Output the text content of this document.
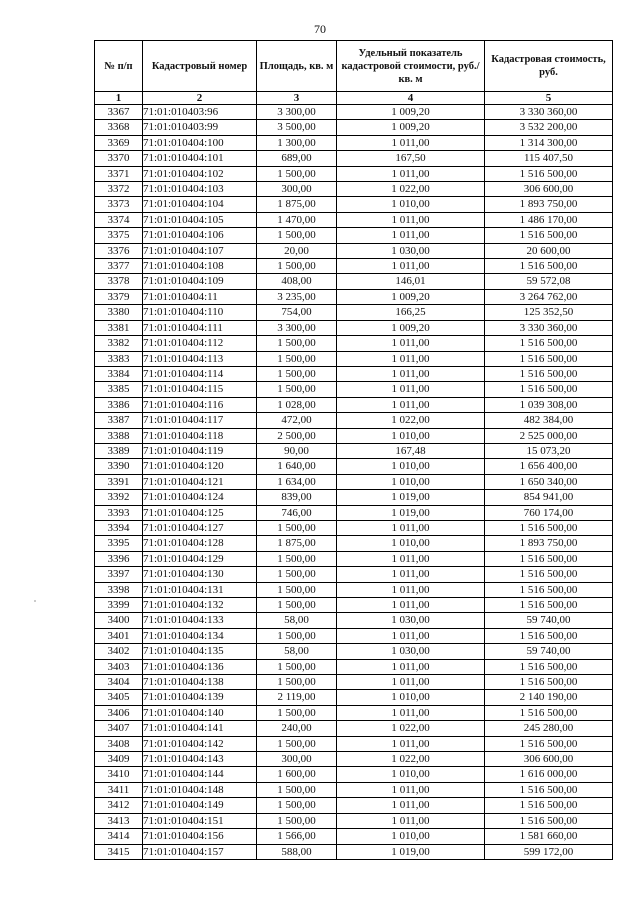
70
№ п/п	Кадастровый номер	Площадь, кв. м	Удельный показатель кадастровой стоимости, руб./кв. м	Кадастровая стоимость, руб.
1	2	3	4	5
3367	71:01:010403:96	3 300,00	1 009,20	3 330 360,00
3368	71:01:010403:99	3 500,00	1 009,20	3 532 200,00
3369	71:01:010404:100	1 300,00	1 011,00	1 314 300,00
3370	71:01:010404:101	689,00	167,50	115 407,50
3371	71:01:010404:102	1 500,00	1 011,00	1 516 500,00
3372	71:01:010404:103	300,00	1 022,00	306 600,00
3373	71:01:010404:104	1 875,00	1 010,00	1 893 750,00
3374	71:01:010404:105	1 470,00	1 011,00	1 486 170,00
3375	71:01:010404:106	1 500,00	1 011,00	1 516 500,00
3376	71:01:010404:107	20,00	1 030,00	20 600,00
3377	71:01:010404:108	1 500,00	1 011,00	1 516 500,00
3378	71:01:010404:109	408,00	146,01	59 572,08
3379	71:01:010404:11	3 235,00	1 009,20	3 264 762,00
3380	71:01:010404:110	754,00	166,25	125 352,50
3381	71:01:010404:111	3 300,00	1 009,20	3 330 360,00
3382	71:01:010404:112	1 500,00	1 011,00	1 516 500,00
3383	71:01:010404:113	1 500,00	1 011,00	1 516 500,00
3384	71:01:010404:114	1 500,00	1 011,00	1 516 500,00
3385	71:01:010404:115	1 500,00	1 011,00	1 516 500,00
3386	71:01:010404:116	1 028,00	1 011,00	1 039 308,00
3387	71:01:010404:117	472,00	1 022,00	482 384,00
3388	71:01:010404:118	2 500,00	1 010,00	2 525 000,00
3389	71:01:010404:119	90,00	167,48	15 073,20
3390	71:01:010404:120	1 640,00	1 010,00	1 656 400,00
3391	71:01:010404:121	1 634,00	1 010,00	1 650 340,00
3392	71:01:010404:124	839,00	1 019,00	854 941,00
3393	71:01:010404:125	746,00	1 019,00	760 174,00
3394	71:01:010404:127	1 500,00	1 011,00	1 516 500,00
3395	71:01:010404:128	1 875,00	1 010,00	1 893 750,00
3396	71:01:010404:129	1 500,00	1 011,00	1 516 500,00
3397	71:01:010404:130	1 500,00	1 011,00	1 516 500,00
3398	71:01:010404:131	1 500,00	1 011,00	1 516 500,00
3399	71:01:010404:132	1 500,00	1 011,00	1 516 500,00
3400	71:01:010404:133	58,00	1 030,00	59 740,00
3401	71:01:010404:134	1 500,00	1 011,00	1 516 500,00
3402	71:01:010404:135	58,00	1 030,00	59 740,00
3403	71:01:010404:136	1 500,00	1 011,00	1 516 500,00
3404	71:01:010404:138	1 500,00	1 011,00	1 516 500,00
3405	71:01:010404:139	2 119,00	1 010,00	2 140 190,00
3406	71:01:010404:140	1 500,00	1 011,00	1 516 500,00
3407	71:01:010404:141	240,00	1 022,00	245 280,00
3408	71:01:010404:142	1 500,00	1 011,00	1 516 500,00
3409	71:01:010404:143	300,00	1 022,00	306 600,00
3410	71:01:010404:144	1 600,00	1 010,00	1 616 000,00
3411	71:01:010404:148	1 500,00	1 011,00	1 516 500,00
3412	71:01:010404:149	1 500,00	1 011,00	1 516 500,00
3413	71:01:010404:151	1 500,00	1 011,00	1 516 500,00
3414	71:01:010404:156	1 566,00	1 010,00	1 581 660,00
3415	71:01:010404:157	588,00	1 019,00	599 172,00
